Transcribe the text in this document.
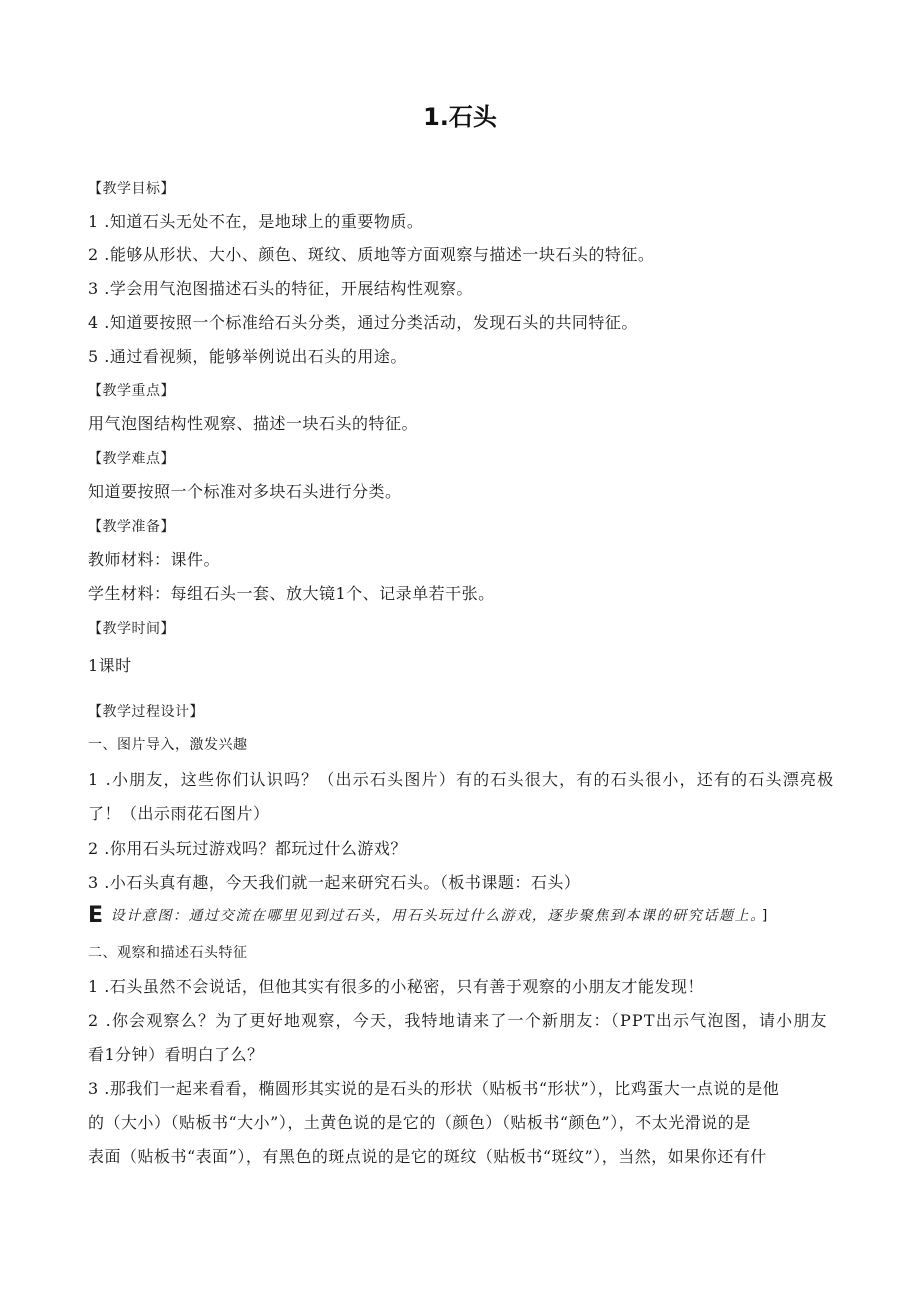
1.石头
【教学目标】
1 .知道石头无处不在，是地球上的重要物质。
2 .能够从形状、大小、颜色、斑纹、质地等方面观察与描述一块石头的特征。
3 .学会用气泡图描述石头的特征，开展结构性观察。
4 .知道要按照一个标准给石头分类，通过分类活动，发现石头的共同特征。
5 .通过看视频，能够举例说出石头的用途。
【教学重点】
用气泡图结构性观察、描述一块石头的特征。
【教学难点】
知道要按照一个标准对多块石头进行分类。
【教学准备】
教师材料：课件。
学生材料：每组石头一套、放大镜1个、记录单若干张。
【教学时间】
1课时
【教学过程设计】
一、图片导入，激发兴趣
1 .小朋友，这些你们认识吗？（出示石头图片）有的石头很大，有的石头很小，还有的石头漂亮极
了！（出示雨花石图片）
2 .你用石头玩过游戏吗？都玩过什么游戏？
3 .小石头真有趣，今天我们就一起来研究石头。（板书课题：石头）
E设计意图：通过交流在哪里见到过石头，用石头玩过什么游戏，逐步聚焦到本课的研究话题上。 ]
二、观察和描述石头特征
1 .石头虽然不会说话，但他其实有很多的小秘密，只有善于观察的小朋友才能发现！
2 .你会观察么？为了更好地观察，今天，我特地请来了一个新朋友：（PPT出示气泡图，请小朋友
看1分钟）看明白了么？
3 .那我们一起来看看，椭圆形其实说的是石头的形状（贴板书“形状”），比鸡蛋大一点说的是他
的（大小）（贴板书“大小”），土黄色说的是它的（颜色）（贴板书“颜色”），不太光滑说的是
表面（贴板书“表面”），有黑色的斑点说的是它的斑纹（贴板书“斑纹”），当然，如果你还有什
